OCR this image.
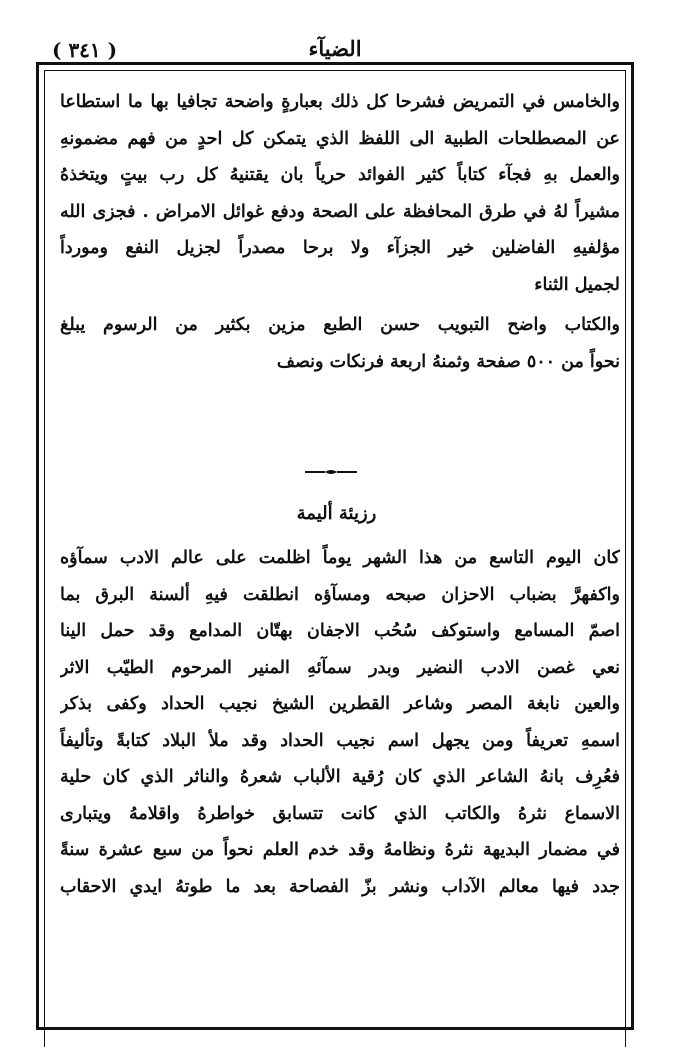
( ٣٤١ )	الضيآء
والخامس في التمريض فشرحا كل ذلك بعبارةٍ واضحة تجافيا بها ما استطاعا
عن المصطلحات الطبية الى اللفظ الذي يتمكن كل احدٍ من فهم مضمونهِ
والعمل بهِ فجآء كتاباً كثير الفوائد حرياً بان يقتنيهُ كل رب بيتٍ ويتخذهُ
مشيراً لهُ في طرق المحافظة على الصحة ودفع غوائل الامراض . فجزى الله
مؤلفيهِ الفاضلين خير الجزآء ولا برحا مصدراً لجزيل النفع ومورداً
لجميل الثناء
والكتاب واضح التبويب حسن الطبع مزين بكثير من الرسوم يبلغ
نحواً من ٥٠٠ صفحة وثمنهُ اربعة فرنكات ونصف
رزيئة أليمة
كان اليوم التاسع من هذا الشهر يوماً اظلمت على عالم الادب سمآؤه
واكفهرَّ بضباب الاحزان صبحه ومسآؤه انطلقت فيهِ ألسنة البرق بما
اصمّ المسامع واستوكف سُحُب الاجفان بهتّان المدامع وقد حمل الينا
نعي غصن الادب النضير وبدر سمآئهِ المنير المرحوم الطيّب الاثر
والعين نابغة المصر وشاعر القطرين الشيخ نجيب الحداد وكفى بذكر
اسمهِ تعريفاً ومن يجهل اسم نجيب الحداد وقد ملأ البلاد كتابةً وتأليفاً
فعُرِف بانهُ الشاعر الذي كان رُقية الألباب شعرهُ والناثر الذي كان حلية
الاسماع نثرهُ والكاتب الذي كانت تتسابق خواطرهُ واقلامهُ ويتبارى
في مضمار البديهة نثرهُ ونظامهُ وقد خدم العلم نحواً من سبع عشرة سنةً
جدد فيها معالم الآداب ونشر بزّ الفصاحة بعد ما طوتهُ ايدي الاحقاب
